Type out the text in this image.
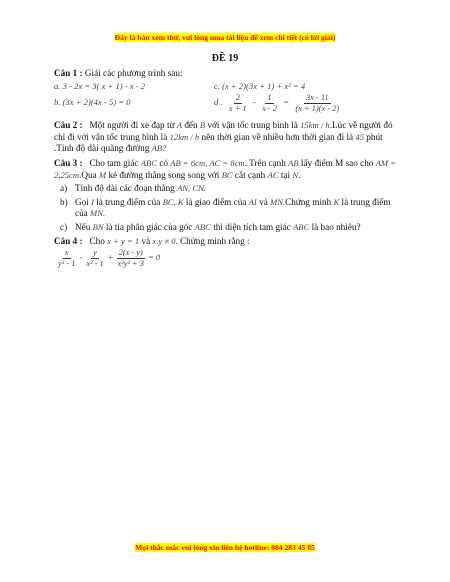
Đây là bản xem thử, vui lòng mua tài liệu để xem chi tiết (có lời giải)
ĐỀ 19

Câu 1 : Giải các phương trình sau:

a. 3 - 2x = 3( x + 1) - x - 2	c. (x + 2)(3x + 1) + x² = 4
b. (3x + 2)(4x - 5) = 0	d . $\frac{2}{x + 1} - \frac{1}{x - 2} = \frac{3x - 11}{(x + 1)(x - 2)}$

Câu 2 : Một người đi xe đạp từ A đến B với vận tốc trung bình là 15km / h.Lúc về người đó chỉ đi với vận tốc trung bình là 12km / h nên thời gian về nhiều hơn thời gian đi là 45 phút .Tính độ dài quãng đường AB?

Câu 3 : Cho tam giác ABC có AB = 6cm, AC = 8cm. Trên cạnh AB lấy điểm M sao cho AM = 2,25cm.Qua M kẻ đường thẳng song song với BC cắt cạnh AC tại N.

a) Tính độ dài các đoạn thẳng AN, CN.
b) Gọi I là trung điểm của BC, K là giao điểm của AI và MN.Chứng minh K là trung điểm của MN.
c) Nếu BN là tia phân giác của góc ABC thì diện tích tam giác ABC là bao nhiêu?

Câu 4 : Cho x + y = 1 và x.y ≠ 0. Chứng minh rằng :

$\frac{x}{\text{y³ - 1}} - \frac{y}{\text{x³ - 1}} + \frac{2(x - y)}{\text{x²y² + 3}} = 0$
Mọi thắc mắc vui lòng xin liên hệ hotline: 084 283 45 85
